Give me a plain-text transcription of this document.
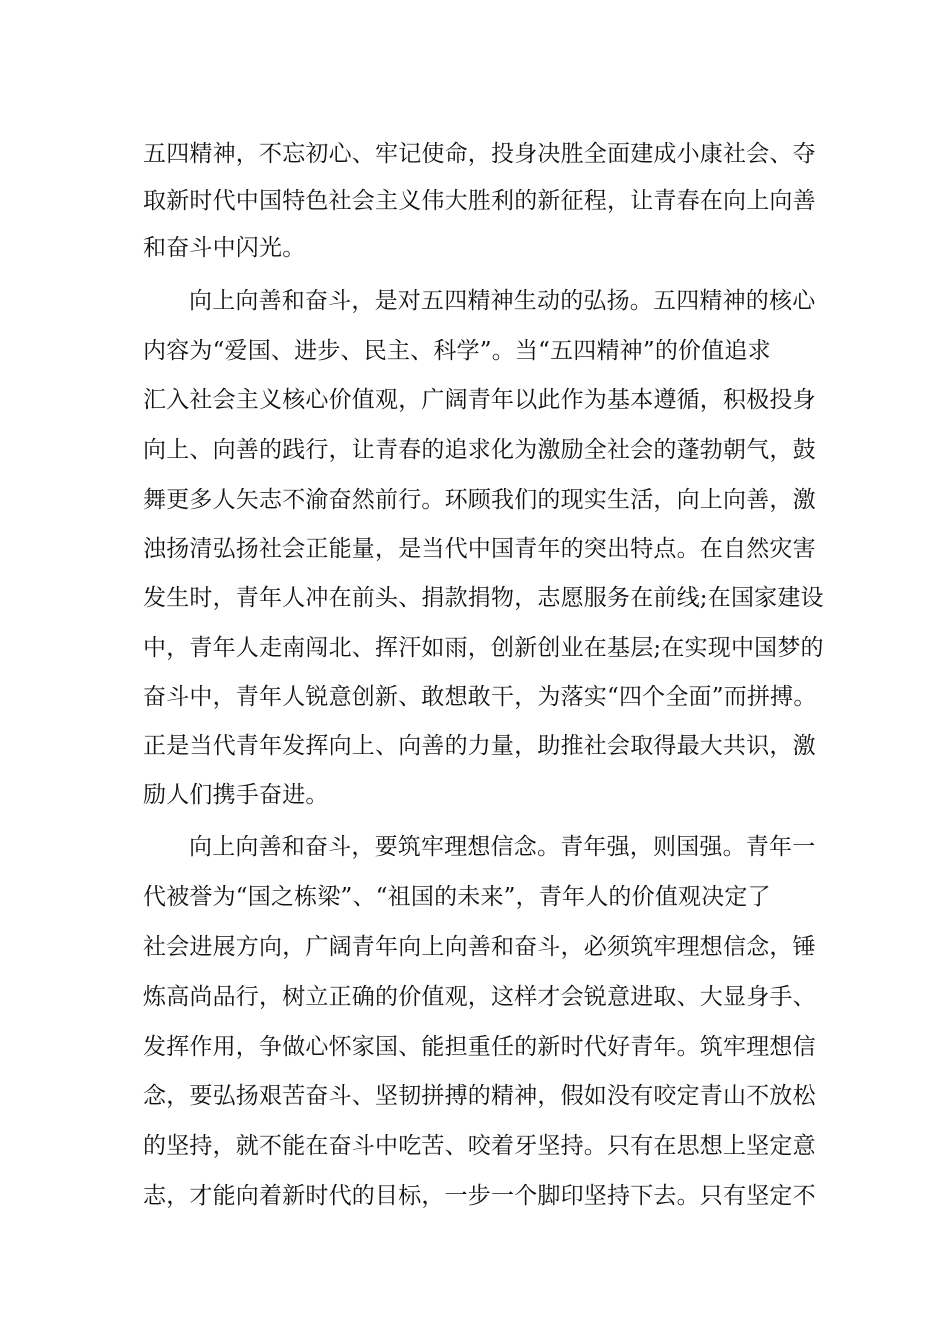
五四精神，不忘初心、牢记使命，投身决胜全面建成小康社会、夺
取新时代中国特色社会主义伟大胜利的新征程，让青春在向上向善
和奋斗中闪光。
向上向善和奋斗，是对五四精神生动的弘扬。五四精神的核心
内容为“爱国、进步、民主、科学”。当“五四精神”的价值追求
汇入社会主义核心价值观，广阔青年以此作为基本遵循，积极投身
向上、向善的践行，让青春的追求化为激励全社会的蓬勃朝气，鼓
舞更多人矢志不渝奋然前行。环顾我们的现实生活，向上向善，激
浊扬清弘扬社会正能量，是当代中国青年的突出特点。在自然灾害
发生时，青年人冲在前头、捐款捐物，志愿服务在前线;在国家建设
中，青年人走南闯北、挥汗如雨，创新创业在基层;在实现中国梦的
奋斗中，青年人锐意创新、敢想敢干，为落实“四个全面”而拼搏。
正是当代青年发挥向上、向善的力量，助推社会取得最大共识，激
励人们携手奋进。
向上向善和奋斗，要筑牢理想信念。青年强，则国强。青年一
代被誉为“国之栋梁”、“祖国的未来”，青年人的价值观决定了
社会进展方向，广阔青年向上向善和奋斗，必须筑牢理想信念，锤
炼高尚品行，树立正确的价值观，这样才会锐意进取、大显身手、
发挥作用，争做心怀家国、能担重任的新时代好青年。筑牢理想信
念，要弘扬艰苦奋斗、坚韧拼搏的精神，假如没有咬定青山不放松
的坚持，就不能在奋斗中吃苦、咬着牙坚持。只有在思想上坚定意
志，才能向着新时代的目标，一步一个脚印坚持下去。只有坚定不
